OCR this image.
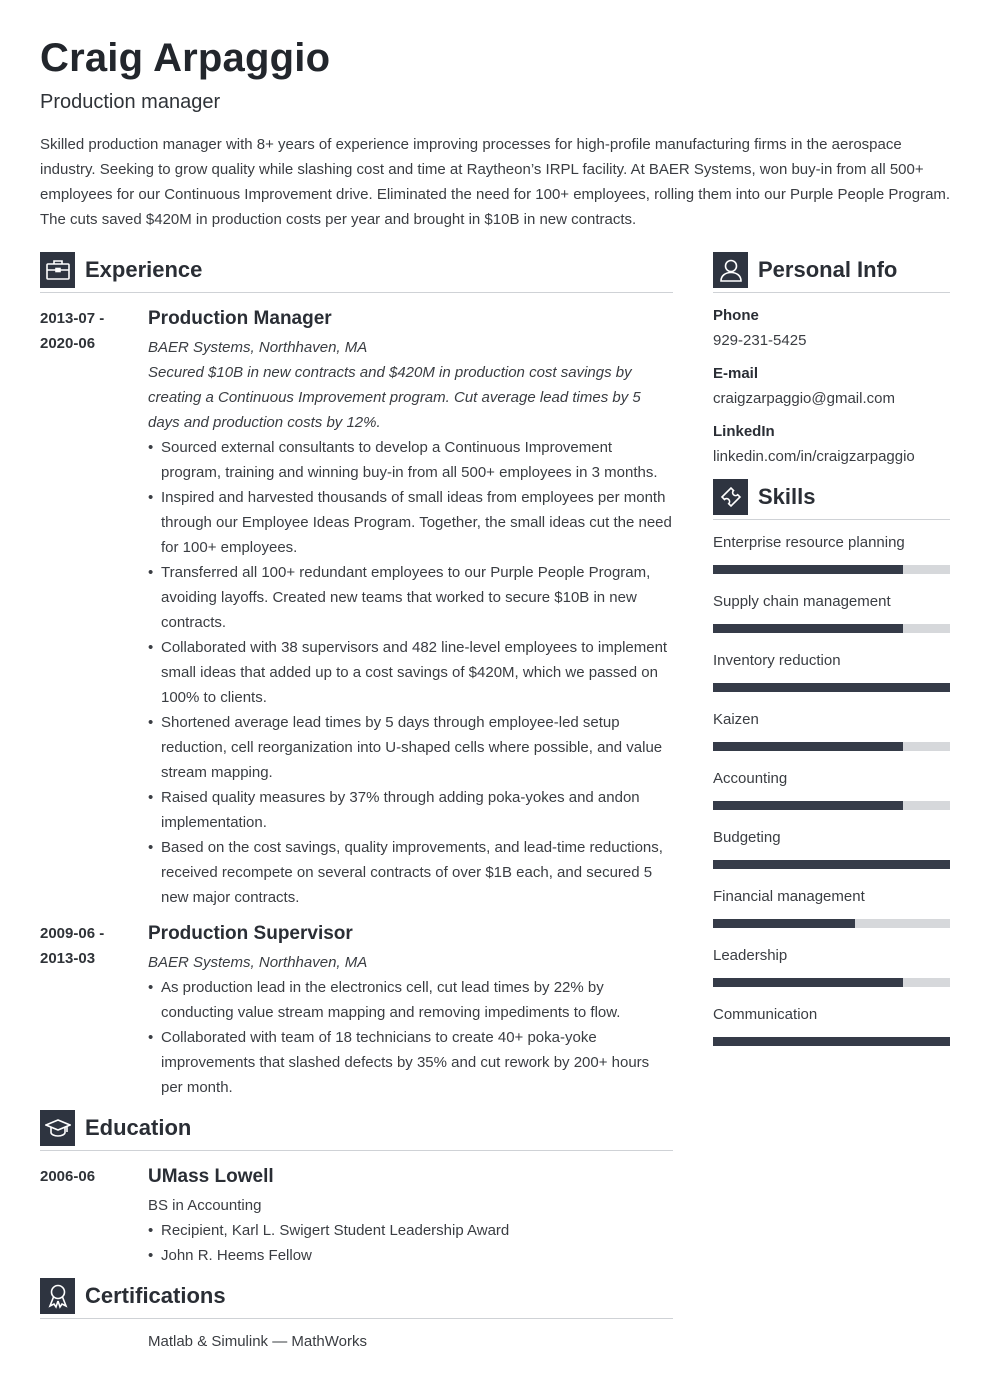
Craig Arpaggio
Production manager
Skilled production manager with 8+ years of experience improving processes for high-profile manufacturing firms in the aerospace industry. Seeking to grow quality while slashing cost and time at Raytheon’s IRPL facility. At BAER Systems, won buy-in from all 500+ employees for our Continuous Improvement drive. Eliminated the need for 100+ employees, rolling them into our Purple People Program. The cuts saved $420M in production costs per year and brought in $10B in new contracts.
Experience
2013-07 -
2020-06
Production Manager
BAER Systems, Northhaven, MA
Secured $10B in new contracts and $420M in production cost savings by creating a Continuous Improvement program. Cut average lead times by 5 days and production costs by 12%.
• Sourced external consultants to develop a Continuous Improvement program, training and winning buy-in from all 500+ employees in 3 months.
• Inspired and harvested thousands of small ideas from employees per month through our Employee Ideas Program. Together, the small ideas cut the need for 100+ employees.
• Transferred all 100+ redundant employees to our Purple People Program, avoiding layoffs. Created new teams that worked to secure $10B in new contracts.
• Collaborated with 38 supervisors and 482 line-level employees to implement small ideas that added up to a cost savings of $420M, which we passed on 100% to clients.
• Shortened average lead times by 5 days through employee-led setup reduction, cell reorganization into U-shaped cells where possible, and value stream mapping.
• Raised quality measures by 37% through adding poka-yokes and andon implementation.
• Based on the cost savings, quality improvements, and lead-time reductions, received recompete on several contracts of over $1B each, and secured 5 new major contracts.
2009-06 -
2013-03
Production Supervisor
BAER Systems, Northhaven, MA
• As production lead in the electronics cell, cut lead times by 22% by conducting value stream mapping and removing impediments to flow.
• Collaborated with team of 18 technicians to create 40+ poka-yoke improvements that slashed defects by 35% and cut rework by 200+ hours per month.
Education
2006-06	UMass Lowell
BS in Accounting
• Recipient, Karl L. Swigert Student Leadership Award
• John R. Heems Fellow
Certifications
Matlab & Simulink — MathWorks
Personal Info
Phone
929-231-5425
E-mail
craigzarpaggio@gmail.com
LinkedIn
linkedin.com/in/craigzarpaggio
Skills
Enterprise resource planning
Supply chain management
Inventory reduction
Kaizen
Accounting
Budgeting
Financial management
Leadership
Communication
